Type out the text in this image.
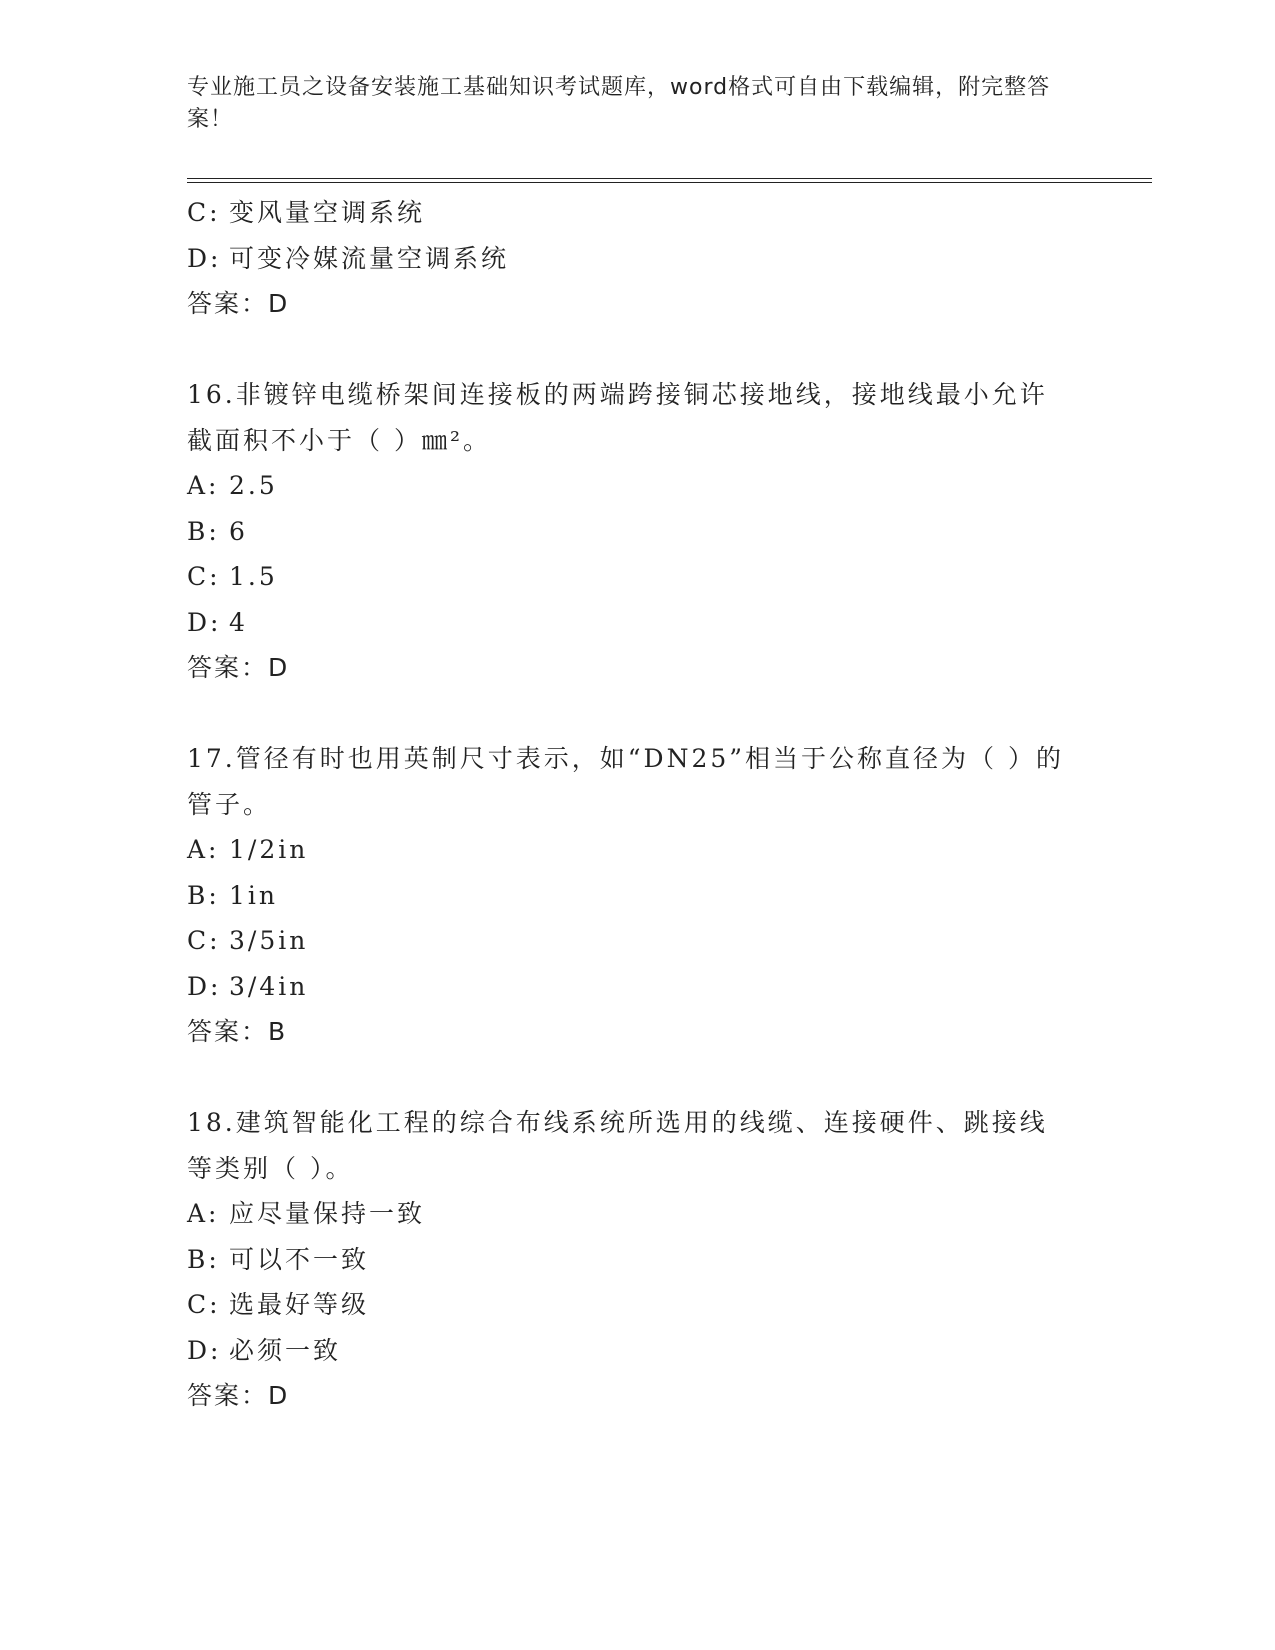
专业施工员之设备安装施工基础知识考试题库，word格式可自由下载编辑，附完整答案！
C: 变风量空调系统
D: 可变冷媒流量空调系统
答案：D
16.非镀锌电缆桥架间连接板的两端跨接铜芯接地线，接地线最小允许截面积不小于（ ）㎜²。
A: 2.5
B: 6
C: 1.5
D: 4
答案：D
17.管径有时也用英制尺寸表示，如“DN25”相当于公称直径为（ ）的管子。
A: 1/2in
B: 1in
C: 3/5in
D: 3/4in
答案：B
18.建筑智能化工程的综合布线系统所选用的线缆、连接硬件、跳接线等类别（ ）。
A: 应尽量保持一致
B: 可以不一致
C: 选最好等级
D: 必须一致
答案：D
